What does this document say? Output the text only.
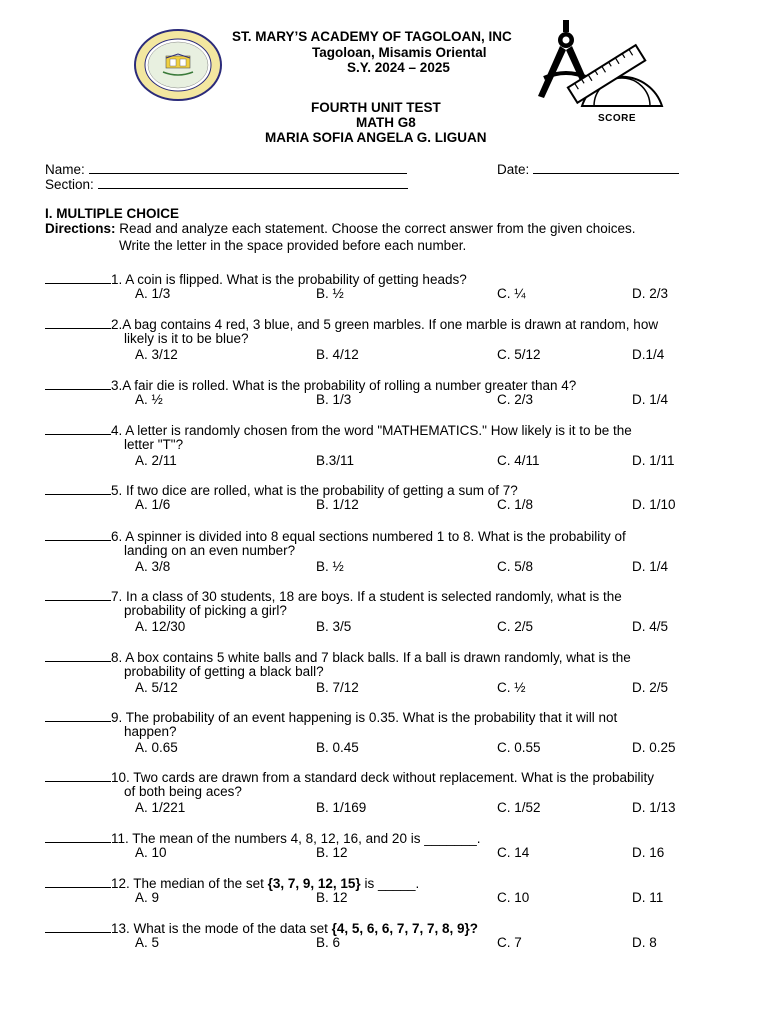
ST. MARY’S ACADEMY OF TAGOLOAN, INC
Tagoloan, Misamis Oriental
S.Y. 2024 – 2025
FOURTH UNIT TEST
MATH G8
MARIA SOFIA ANGELA G. LIGUAN
SCORE
Name:	Date:
Section:
I. MULTIPLE CHOICE
Directions: Read and analyze each statement. Choose the correct answer from the given choices.
Write the letter in the space provided before each number.
1. A coin is flipped. What is the probability of getting heads?
A. 1/3	B. ½	C. ¼	D. 2/3
2.A bag contains 4 red, 3 blue, and 5 green marbles. If one marble is drawn at random, how
likely is it to be blue?
A. 3/12	B. 4/12	C. 5/12	D.1/4
3.A fair die is rolled. What is the probability of rolling a number greater than 4?
A. ½	B. 1/3	C. 2/3	D. 1/4
4. A letter is randomly chosen from the word "MATHEMATICS." How likely is it to be the
letter "T"?
A. 2/11	B.3/11	C. 4/11	D. 1/11
5. If two dice are rolled, what is the probability of getting a sum of 7?
A. 1/6	B. 1/12	C. 1/8	D. 1/10
6. A spinner is divided into 8 equal sections numbered 1 to 8. What is the probability of
landing on an even number?
A. 3/8	B. ½	C. 5/8	D. 1/4
7. In a class of 30 students, 18 are boys. If a student is selected randomly, what is the
probability of picking a girl?
A. 12/30	B. 3/5	C. 2/5	D. 4/5
8. A box contains 5 white balls and 7 black balls. If a ball is drawn randomly, what is the
probability of getting a black ball?
A. 5/12	B. 7/12	C. ½	D. 2/5
9. The probability of an event happening is 0.35. What is the probability that it will not
happen?
A. 0.65	B. 0.45	C. 0.55	D. 0.25
10. Two cards are drawn from a standard deck without replacement. What is the probability
of both being aces?
A. 1/221	B. 1/169	C. 1/52	D. 1/13
11. The mean of the numbers 4, 8, 12, 16, and 20 is _______.
A. 10	B. 12	C. 14	D. 16
12. The median of the set {3, 7, 9, 12, 15} is _____.
A. 9	B. 12	C. 10	D. 11
13. What is the mode of the data set {4, 5, 6, 6, 7, 7, 7, 8, 9}?
A. 5	B. 6	C. 7	D. 8
